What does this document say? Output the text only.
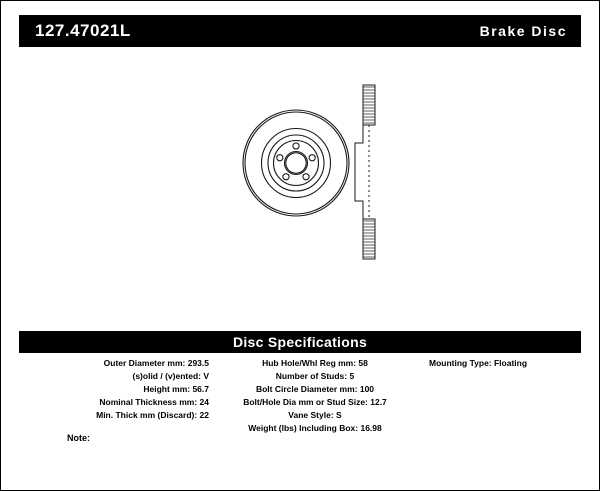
127.47021L	Brake Disc
Disc Specifications
Outer Diameter mm: 293.5
(s)olid / (v)ented: V
Height mm: 56.7
Nominal Thickness mm: 24
Min. Thick mm (Discard): 22
Hub Hole/Whl Reg mm: 58
Number of Studs: 5
Bolt Circle Diameter mm: 100
Bolt/Hole Dia mm or Stud Size: 12.7
Vane Style: S
Weight (lbs) Including Box: 16.98
Mounting Type: Floating
Note:
